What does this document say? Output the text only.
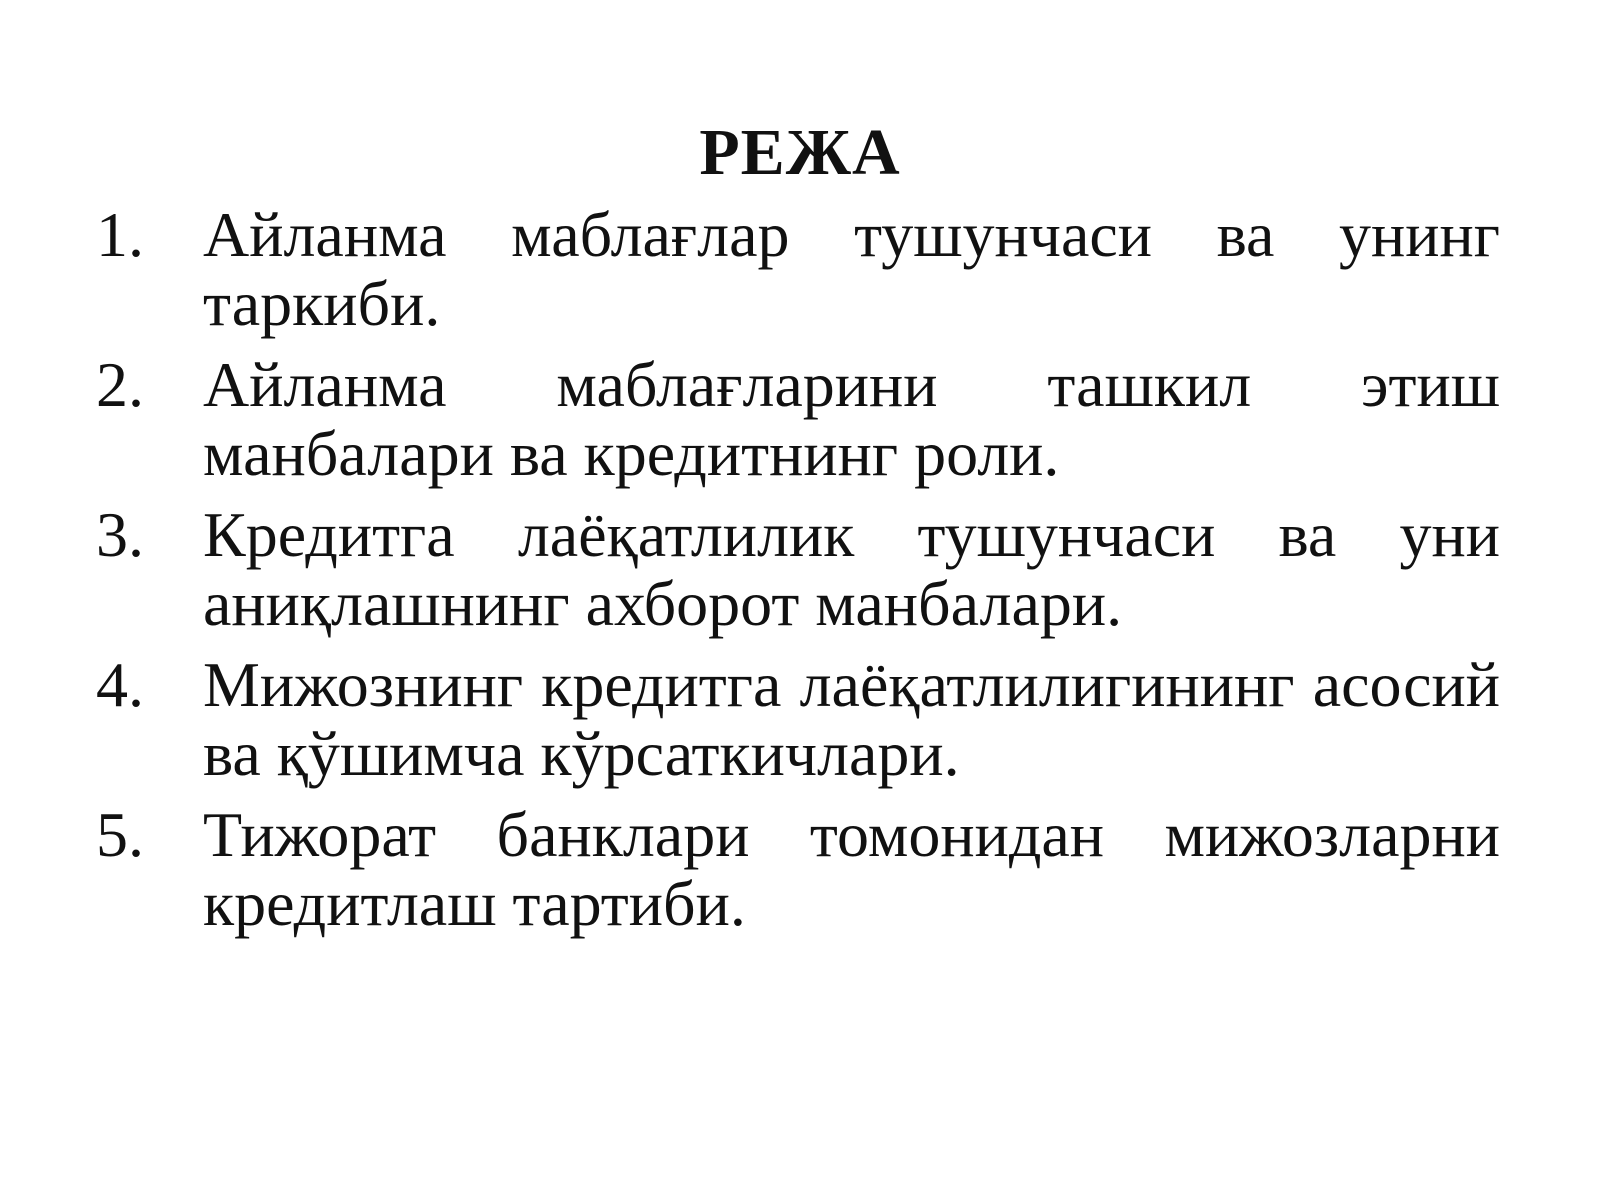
РЕЖА
1. Айланма маблағлар тушунчаси ва унинг таркиби.
2. Айланма маблағларини ташкил этиш манбалари ва кредитнинг роли.
3. Кредитга лаёқатлилик тушунчаси ва уни аниқлашнинг ахборот манбалари.
4. Мижознинг кредитга лаёқатлилигининг асосий ва қўшимча кўрсаткичлари.
5. Тижорат банклари томонидан мижозларни кредитлаш тартиби.
